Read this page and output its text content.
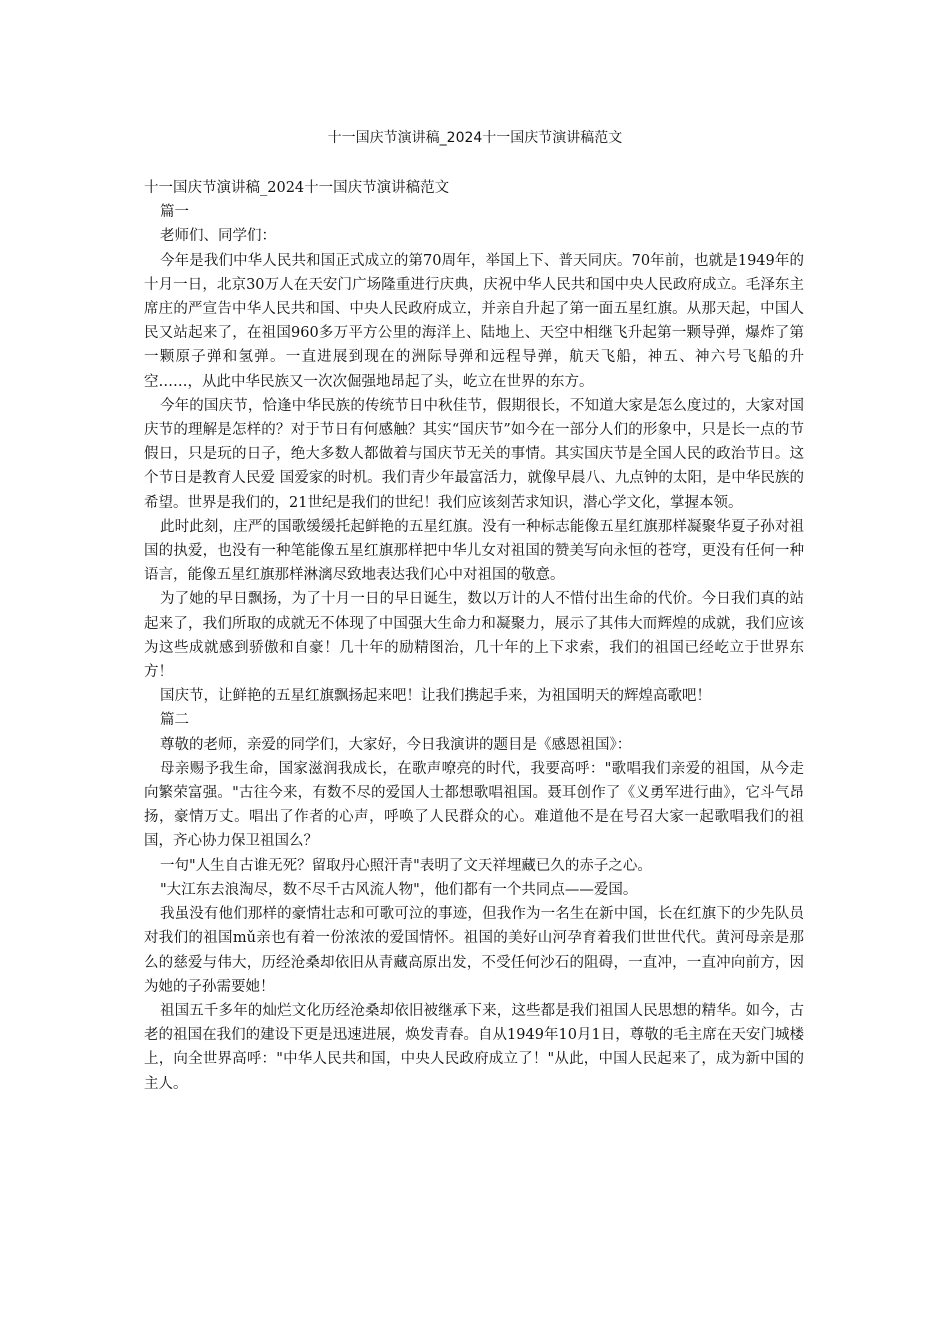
十一国庆节演讲稿_2024十一国庆节演讲稿范文

十一国庆节演讲稿_2024十一国庆节演讲稿范文

篇一

老师们、同学们：

今年是我们中华人民共和国正式成立的第70周年，举国上下、普天同庆。70年前，也就是1949年的十月一日，北京30万人在天安门广场隆重进行庆典，庆祝中华人民共和国中央人民政府成立。毛泽东主席庄的严宣告中华人民共和国、中央人民政府成立，并亲自升起了第一面五星红旗。从那天起，中国人民又站起来了，在祖国960多万平方公里的海洋上、陆地上、天空中相继飞升起第一颗导弹，爆炸了第一颗原子弹和氢弹。一直进展到现在的洲际导弹和远程导弹，航天飞船，神五、神六号飞船的升空……，从此中华民族又一次次倔强地昂起了头，屹立在世界的东方。

今年的国庆节，恰逢中华民族的传统节日中秋佳节，假期很长，不知道大家是怎么度过的，大家对国庆节的理解是怎样的？对于节日有何感触？其实“国庆节”如今在一部分人们的形象中，只是长一点的节假日，只是玩的日子，绝大多数人都做着与国庆节无关的事情。其实国庆节是全国人民的政治节日。这个节日是教育人民爱 国爱家的时机。我们青少年最富活力，就像早晨八、九点钟的太阳，是中华民族的希望。世界是我们的，21世纪是我们的世纪！我们应该刻苦求知识，潜心学文化，掌握本领。

此时此刻，庄严的国歌缓缓托起鲜艳的五星红旗。没有一种标志能像五星红旗那样凝聚华夏子孙对祖国的执爱，也没有一种笔能像五星红旗那样把中华儿女对祖国的赞美写向永恒的苍穹，更没有任何一种语言，能像五星红旗那样淋漓尽致地表达我们心中对祖国的敬意。

为了她的早日飘扬，为了十月一日的早日诞生，数以万计的人不惜付出生命的代价。今日我们真的站起来了，我们所取的成就无不体现了中国强大生命力和凝聚力，展示了其伟大而辉煌的成就，我们应该为这些成就感到骄傲和自豪！几十年的励精图治，几十年的上下求索，我们的祖国已经屹立于世界东方！

国庆节，让鲜艳的五星红旗飘扬起来吧！让我们携起手来，为祖国明天的辉煌高歌吧！

篇二

尊敬的老师，亲爱的同学们，大家好，今日我演讲的题目是《感恩祖国》：

母亲赐予我生命，国家滋润我成长，在歌声嘹亮的时代，我要高呼："歌唱我们亲爱的祖国，从今走向繁荣富强。"古往今来，有数不尽的爱国人士都想歌唱祖国。聂耳创作了《义勇军进行曲》，它斗气昂扬，豪情万丈。唱出了作者的心声，呼唤了人民群众的心。难道他不是在号召大家一起歌唱我们的祖国，齐心协力保卫祖国么？

一句"人生自古谁无死？留取丹心照汗青"表明了文天祥埋藏已久的赤子之心。

"大江东去浪淘尽，数不尽千古风流人物"，他们都有一个共同点——爱国。

我虽没有他们那样的豪情壮志和可歌可泣的事迹，但我作为一名生在新中国，长在红旗下的少先队员对我们的祖国mǔ亲也有着一份浓浓的爱国情怀。祖国的美好山河孕育着我们世世代代。黄河母亲是那么的慈爱与伟大，历经沧桑却依旧从青藏高原出发，不受任何沙石的阻碍，一直冲，一直冲向前方，因为她的子孙需要她！

祖国五千多年的灿烂文化历经沧桑却依旧被继承下来，这些都是我们祖国人民思想的精华。如今，古老的祖国在我们的建设下更是迅速进展，焕发青春。自从1949年10月1日，尊敬的毛主席在天安门城楼上，向全世界高呼："中华人民共和国，中央人民政府成立了！"从此，中国人民起来了，成为新中国的主人。
